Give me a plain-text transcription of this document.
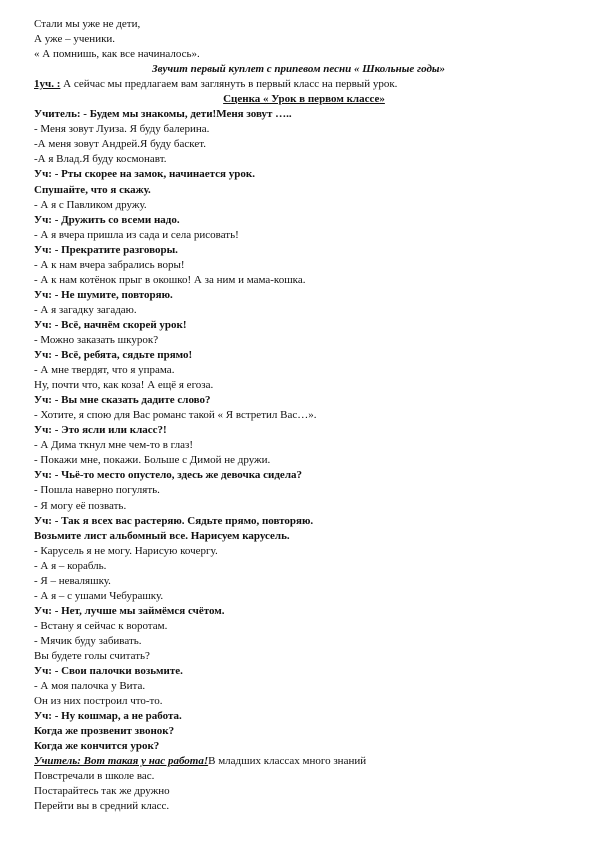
Стали мы уже не дети,
А уже – ученики.
« А помнишь, как все начиналось».
Звучит первый куплет с припевом песни « Школьные годы»
1уч. : А сейчас мы предлагаем вам заглянуть в первый класс на первый урок.
Сценка « Урок в первом классе»
Учитель: - Будем мы знакомы, дети!Меня зовут …..
- Меня зовут Луиза. Я буду балерина.
-А меня зовут Андрей.Я буду баскет.
-А я Влад.Я буду космонавт.
Уч: - Рты скорее на замок, начинается урок.
Спушайте, что я скажу.
- А я с Павликом дружу.
Уч: - Дружить со всеми надо.
- А я вчера пришла из сада и села рисовать!
Уч: - Прекратите разговоры.
- А к нам вчера забрались воры!
- А к нам котёнок прыг в окошко! А за ним и мама-кошка.
Уч: - Не шумите, повторяю.
- А я загадку загадаю.
Уч: - Всё, начнём скорей урок!
- Можно заказать шкурок?
Уч: - Всё, ребята, сядьте прямо!
- А мне твердят, что я упрама.
Ну, почти что, как коза! А ещё я егоза.
Уч: - Вы мне сказать дадите слово?
- Хотите, я спою для Вас романс такой « Я встретил Вас…».
Уч: - Это ясли или класс?!
- А Дима ткнул мне чем-то в глаз!
- Покажи мне, покажи. Больше с Димой не дружи.
Уч: - Чьё-то место опустело, здесь же девочка сидела?
- Пошла наверно погулять.
- Я могу её позвать.
Уч: - Так я всех вас растеряю. Сядьте прямо, повторяю.
Возьмите лист альбомный все. Нарисуем карусель.
- Карусель я не могу. Нарисую кочергу.
- А я – корабль.
- Я – неваляшку.
- А я – с ушами Чебурашку.
Уч: - Нет, лучше мы займёмся счётом.
- Встану я сейчас к воротам.
- Мячик буду забивать.
Вы будете голы считать?
Уч: - Свои палочки возьмите.
- А моя палочка у Вита.
Он из них построил что-то.
Уч: - Ну кошмар, а не работа.
Когда же прозвенит звонок?
Когда же кончится урок?
Учитель: Вот такая у нас работа!В младших классах много знаний
Повстречали в школе вас.
Постарайтесь так же дружно
Перейти вы в средний класс.
